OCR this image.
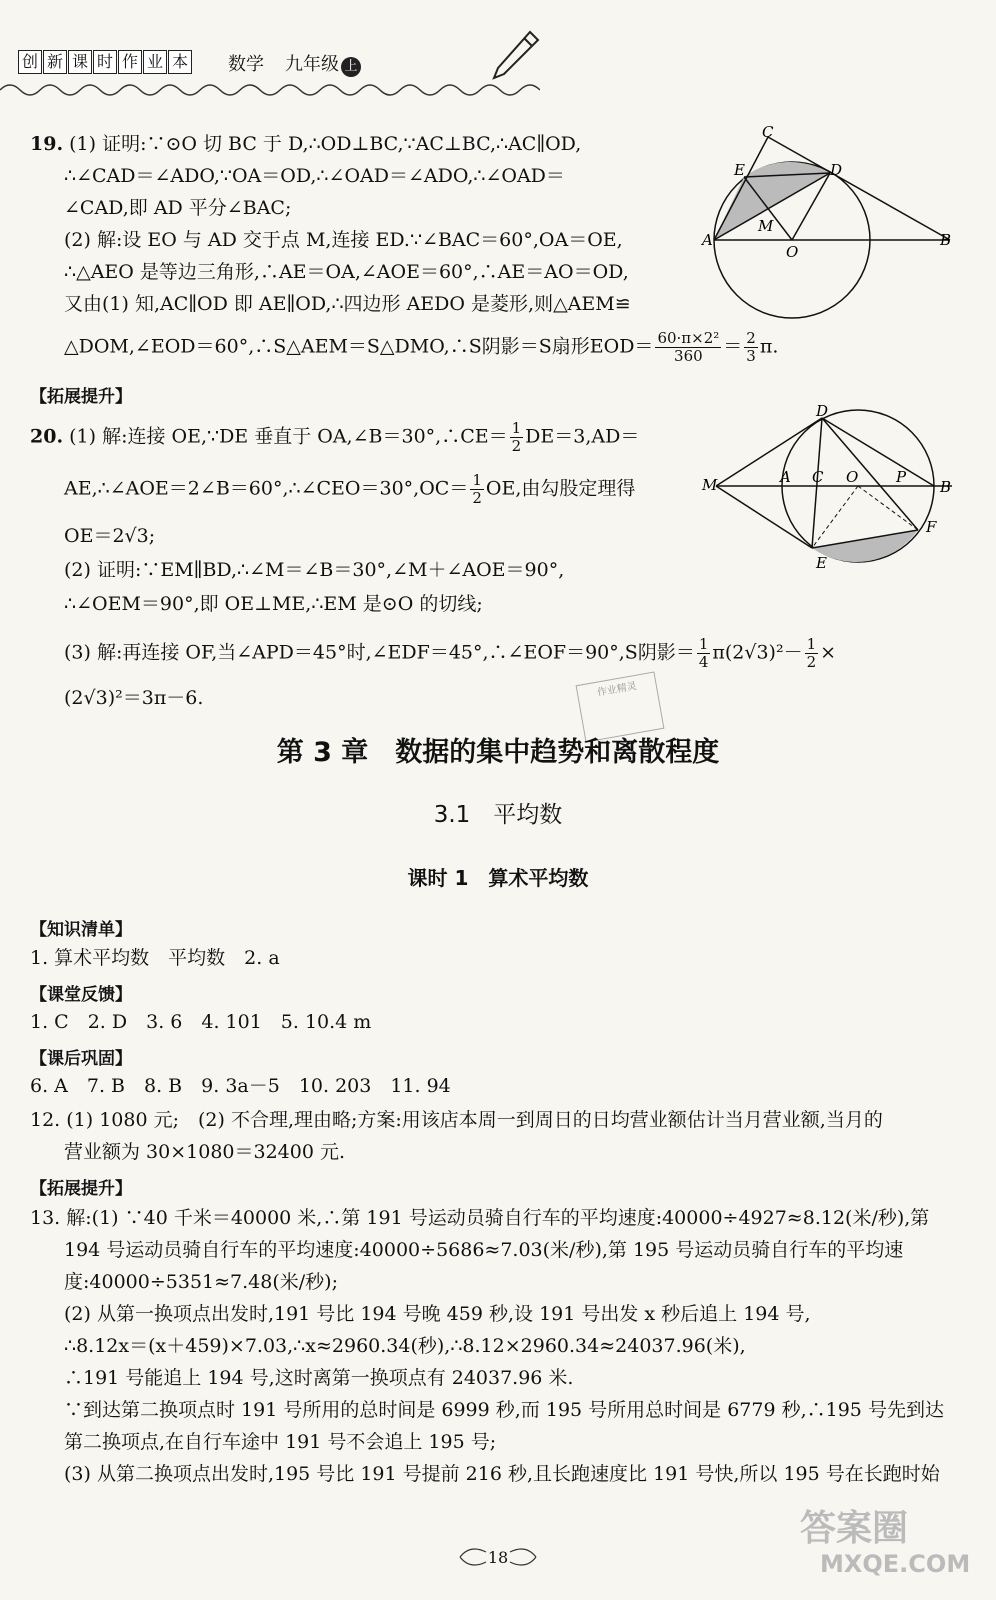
创 新 课 时 作 业 本 数学 九年级 上
19. (1) 证明:∵⊙O 切 BC 于 D,∴OD⊥BC,∵AC⊥BC,∴AC∥OD,
∴∠CAD＝∠ADO,∵OA＝OD,∴∠OAD＝∠ADO,∴∠OAD＝
∠CAD,即 AD 平分∠BAC;
(2) 解:设 EO 与 AD 交于点 M,连接 ED.∵∠BAC＝60°,OA＝OE,
∴△AEO 是等边三角形,∴AE＝OA,∠AOE＝60°,∴AE＝AO＝OD,
又由(1) 知,AC∥OD 即 AE∥OD,∴四边形 AEDO 是菱形,则△AEM≌
△DOM,∠EOD＝60°,∴S△AEM＝S△DMO,∴S阴影＝S扇形$EOD= \frac{\text{60·π×2²}}{360} = \frac{2}{3} \pi$.
C
E	D
M
A
O
B
【拓展提升】
20. (1) 解:连接 OE,∵DE 垂直于 OA,∠B＝30°,∴CE＝ $\frac{1}{2} DE=3,AD=$
AE,∴∠AOE＝2∠B＝60°,∴∠CEO＝30°,OC＝ $\frac{1}{2}$ OE,由勾股定理得
OE＝2√3;
(2) 证明:∵EM∥BD,∴∠M＝∠B＝30°,∠M＋∠AOE＝90°,
∴∠OEM＝90°,即 OE⊥ME,∴EM 是⊙O 的切线;
(3) 解:再连接 OF,当∠APD＝45°时,∠EDF＝45°,∴∠EOF＝90°,S阴影＝ $\frac{1}{4} \pi(2√3)^2- \frac{1}{2}$ ×
(2√3)²＝3π－6.
D
M	A C O	P
B
F
E
作业精灵
第 3 章　数据的集中趋势和离散程度
3.1　平均数
课时 1　算术平均数
【知识清单】
1. 算术平均数　平均数　2. a
【课堂反馈】
1. C　2. D　3. 6　4. 101　5. 10.4 m
【课后巩固】
6. A　7. B　8. B　9. 3a－5　10. 203　11. 94
12. (1) 1080 元;　(2) 不合理,理由略;方案:用该店本周一到周日的日均营业额估计当月营业额,当月的
营业额为 30×1080＝32400 元.
【拓展提升】
13. 解:(1) ∵40 千米＝40000 米,∴第 191 号运动员骑自行车的平均速度:40000÷4927≈8.12(米/秒),第
194 号运动员骑自行车的平均速度:40000÷5686≈7.03(米/秒),第 195 号运动员骑自行车的平均速
度:40000÷5351≈7.48(米/秒);
(2) 从第一换项点出发时,191 号比 194 号晚 459 秒,设 191 号出发 x 秒后追上 194 号,
∴8.12x＝(x＋459)×7.03,∴x≈2960.34(秒),∴8.12×2960.34≈24037.96(米),
∴191 号能追上 194 号,这时离第一换项点有 24037.96 米.
∵到达第二换项点时 191 号所用的总时间是 6999 秒,而 195 号所用总时间是 6779 秒,∴195 号先到达
第二换项点,在自行车途中 191 号不会追上 195 号;
(3) 从第二换项点出发时,195 号比 191 号提前 216 秒,且长跑速度比 191 号快,所以 195 号在长跑时始
18
答案圈
MXQE.COM
